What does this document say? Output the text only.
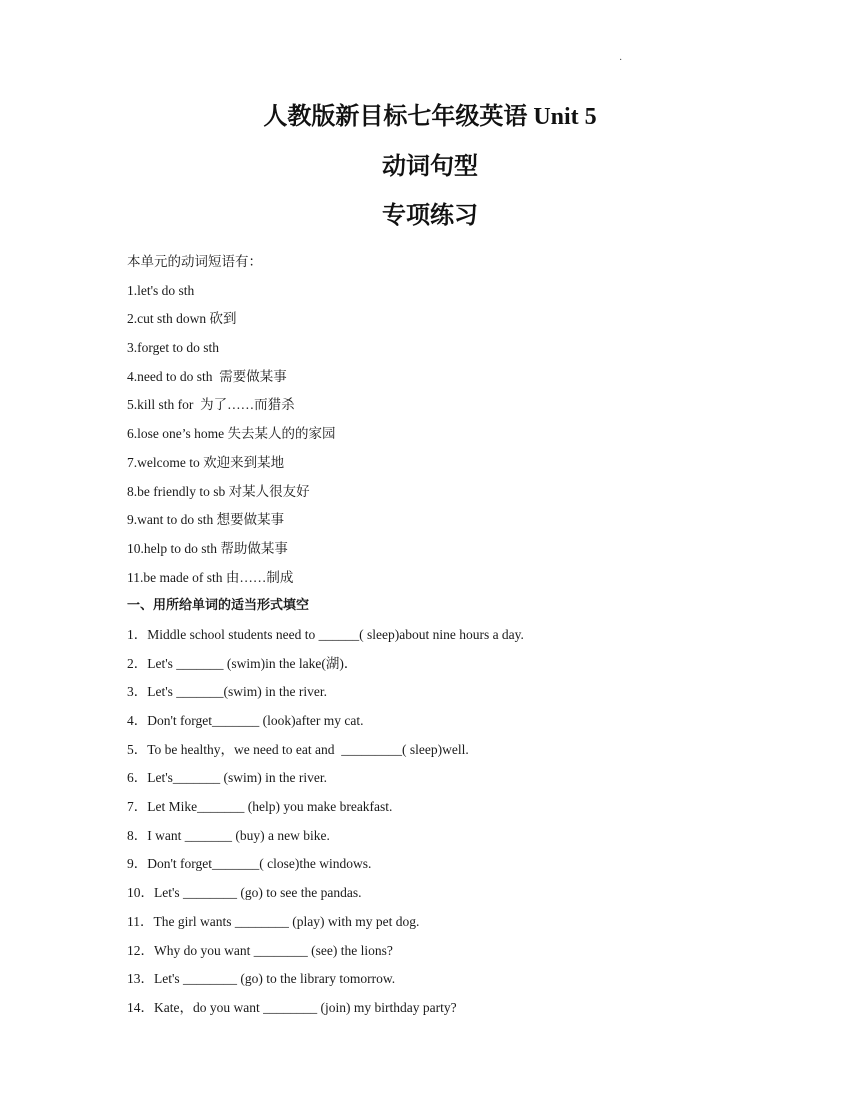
·
人教版新目标七年级英语 Unit 5
动词句型
专项练习
本单元的动词短语有：
1.let's do sth
2.cut sth down 砍到
3.forget to do sth
4.need to do sth  需要做某事
5.kill sth for  为了……而猎杀
6.lose one’s home 失去某人的的家园
7.welcome to 欢迎来到某地
8.be friendly to sb 对某人很友好
9.want to do sth 想要做某事
10.help to do sth 帮助做某事
11.be made of sth 由……制成
一、用所给单词的适当形式填空
1．Middle school students need to ______( sleep)about nine hours a day.
2．Let's _______ (swim)in the lake(湖)．
3．Let's _______(swim) in the river.
4．Don't forget_______ (look)after my cat.
5．To be healthy，we need to eat and  _________( sleep)well.
6．Let's_______ (swim) in the river.
7．Let Mike_______ (help) you make breakfast.
8．I want _______ (buy) a new bike.
9．Don't forget_______( close)the windows.
10．Let's ________ (go) to see the pandas.
11．The girl wants ________ (play) with my pet dog.
12．Why do you want ________ (see) the lions?
13．Let's ________ (go) to the library tomorrow.
14．Kate，do you want ________ (join) my birthday party?
